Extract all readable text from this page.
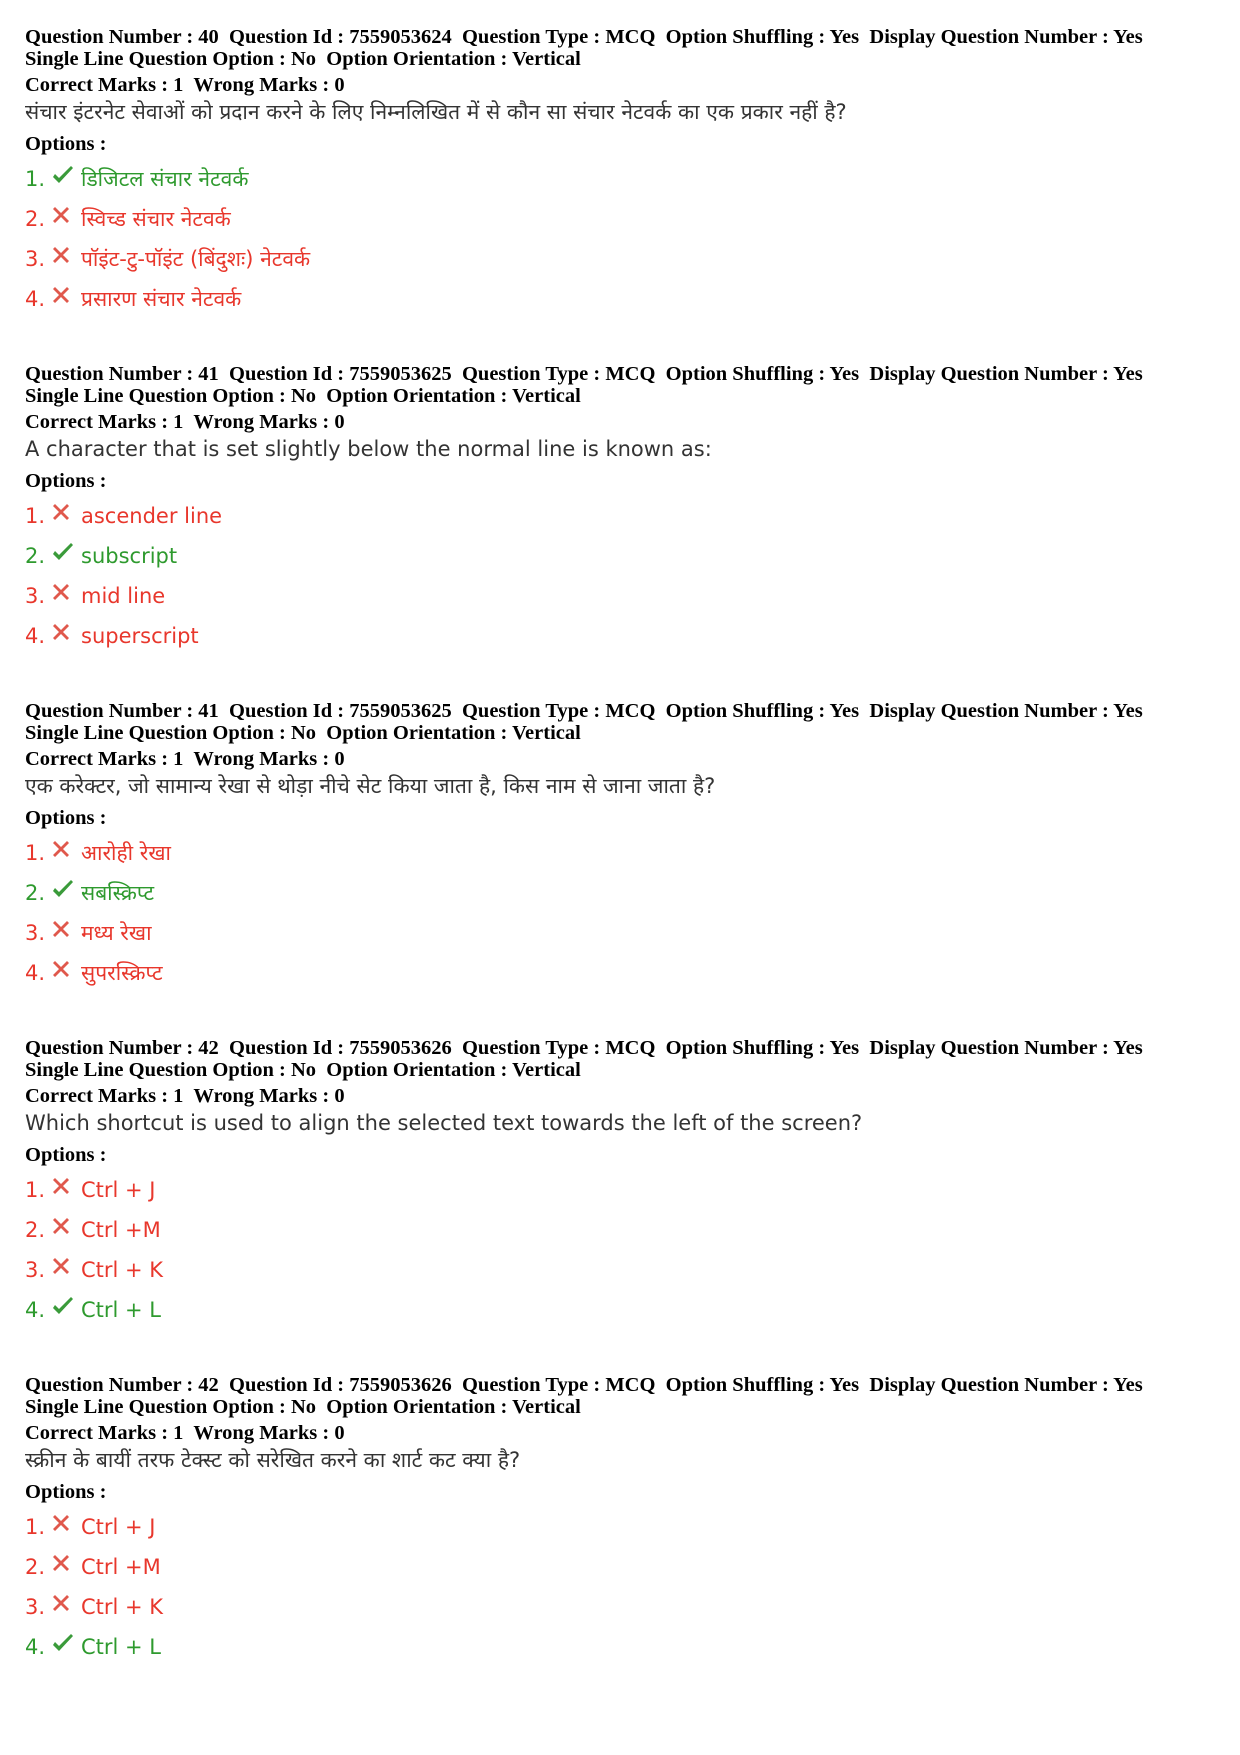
Question Number : 40  Question Id : 7559053624  Question Type : MCQ  Option Shuffling : Yes  Display Question Number : Yes
Single Line Question Option : No  Option Orientation : Vertical
Correct Marks : 1  Wrong Marks : 0
संचार इंटरनेट सेवाओं को प्रदान करने के लिए निम्नलिखित में से कौन सा संचार नेटवर्क का एक प्रकार नहीं है?
Options :
1. डिजिटल संचार नेटवर्क
2. स्विच्ड संचार नेटवर्क
3. पॉइंट-टु-पॉइंट (बिंदुशः) नेटवर्क
4. प्रसारण संचार नेटवर्क
Question Number : 41  Question Id : 7559053625  Question Type : MCQ  Option Shuffling : Yes  Display Question Number : Yes
Single Line Question Option : No  Option Orientation : Vertical
Correct Marks : 1  Wrong Marks : 0
A character that is set slightly below the normal line is known as:
Options :
1. ascender line
2. subscript
3. mid line
4. superscript
Question Number : 41  Question Id : 7559053625  Question Type : MCQ  Option Shuffling : Yes  Display Question Number : Yes
Single Line Question Option : No  Option Orientation : Vertical
Correct Marks : 1  Wrong Marks : 0
एक करेक्टर, जो सामान्य रेखा से थोड़ा नीचे सेट किया जाता है, किस नाम से जाना जाता है?
Options :
1. आरोही रेखा
2. सबस्क्रिप्ट
3. मध्य रेखा
4. सुपरस्क्रिप्ट
Question Number : 42  Question Id : 7559053626  Question Type : MCQ  Option Shuffling : Yes  Display Question Number : Yes
Single Line Question Option : No  Option Orientation : Vertical
Correct Marks : 1  Wrong Marks : 0
Which shortcut is used to align the selected text towards the left of the screen?
Options :
1. Ctrl + J
2. Ctrl +M
3. Ctrl + K
4. Ctrl + L
Question Number : 42  Question Id : 7559053626  Question Type : MCQ  Option Shuffling : Yes  Display Question Number : Yes
Single Line Question Option : No  Option Orientation : Vertical
Correct Marks : 1  Wrong Marks : 0
स्क्रीन के बायीं तरफ टेक्स्ट को सरेखित करने का शार्ट कट क्या है?
Options :
1. Ctrl + J
2. Ctrl +M
3. Ctrl + K
4. Ctrl + L
